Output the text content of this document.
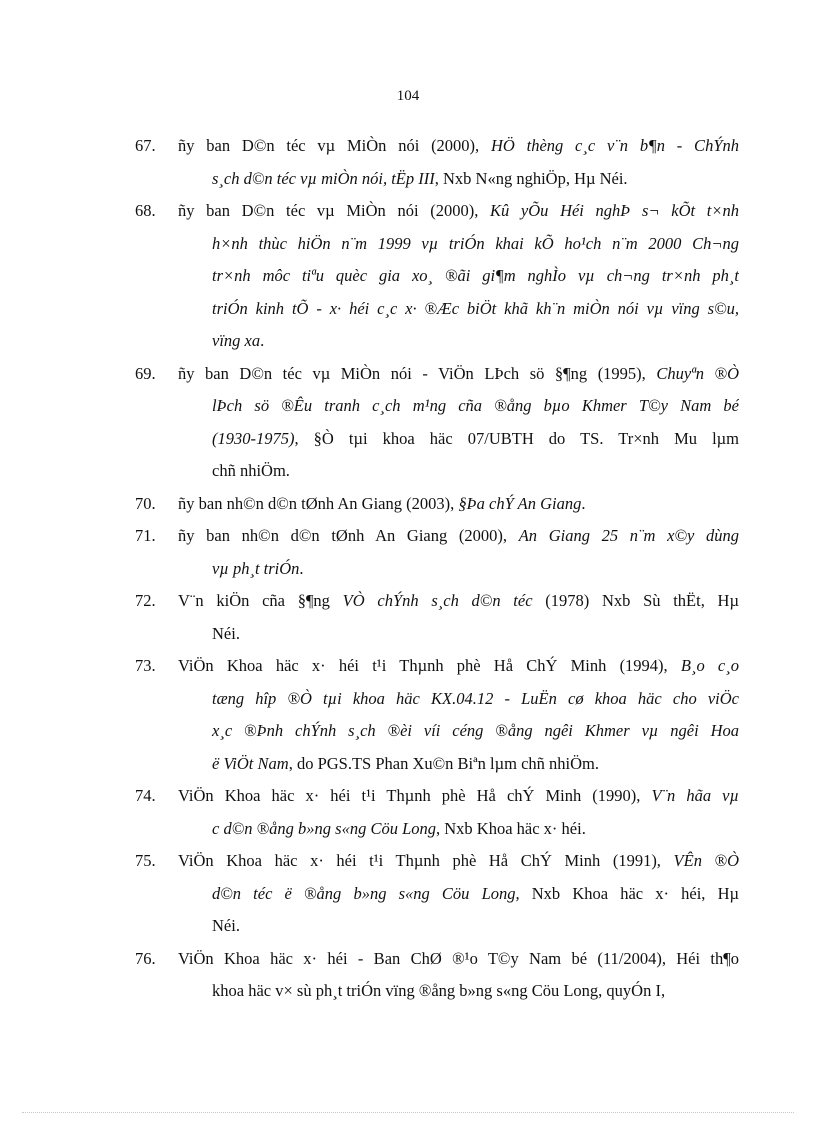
104
67.	ñy ban D©n téc vµ MiÒn nói (2000), HÖ thèng c¸c v¨n b¶n - ChÝnh
s¸ch d©n téc vµ miÒn nói, tËp III, Nxb N«ng nghiÖp, Hµ Néi.
68.	ñy ban D©n téc vµ MiÒn nói (2000), Kû yÕu Héi nghÞ s¬ kÕt t×nh
h×nh thùc hiÖn n¨m 1999 vµ triÓn khai kÕ ho¹ch n¨m 2000 Ch¬ng
tr×nh môc tiªu quèc gia xo¸ ®ãi gi¶m nghÌo vµ ch¬ng tr×nh ph¸t
triÓn kinh tÕ - x· héi c¸c x· ®Æc biÖt khã kh¨n miÒn nói vµ vïng s©u,
vïng xa.
69.	ñy ban D©n téc vµ MiÒn nói - ViÖn LÞch sö §¶ng (1995), Chuyªn ®Ò
lÞch sö ®Êu tranh c¸ch m¹ng cña ®ång bµo Khmer T©y Nam bé
(1930-1975), §Ò tµi khoa häc 07/UBTH do TS. Tr×nh Mu lµm
chñ nhiÖm.
70.	ñy ban nh©n d©n tØnh An Giang (2003), §Þa chÝ An Giang.
71.	ñy ban nh©n d©n tØnh An Giang (2000), An Giang 25 n¨m x©y dùng
vµ ph¸t triÓn.
72.	V¨n kiÖn cña §¶ng VÒ chÝnh s¸ch d©n téc (1978) Nxb Sù thËt, Hµ
Néi.
73.	ViÖn Khoa häc x· héi t¹i Thµnh phè Hå ChÝ Minh (1994), B¸o c¸o
tæng hîp ®Ò tµi khoa häc KX.04.12 - LuËn cø khoa häc cho viÖc
x¸c ®Þnh chÝnh s¸ch ®èi víi céng ®ång ngêi Khmer vµ ngêi Hoa
ë ViÖt Nam, do PGS.TS Phan Xu©n Biªn lµm chñ nhiÖm.
74.	ViÖn Khoa häc x· héi t¹i Thµnh phè Hå chÝ Minh (1990), V¨n hãa vµ
c d©n ®ång b»ng s«ng Cöu Long, Nxb Khoa häc x· héi.
75.	ViÖn Khoa häc x· héi t¹i Thµnh phè Hå ChÝ Minh (1991), VÊn ®Ò
d©n téc ë ®ång b»ng s«ng Cöu Long, Nxb Khoa häc x· héi, Hµ
Néi.
76.	ViÖn Khoa häc x· héi - Ban ChØ ®¹o T©y Nam bé (11/2004), Héi th¶o
khoa häc v× sù ph¸t triÓn vïng ®ång b»ng s«ng Cöu Long, quyÓn I,
